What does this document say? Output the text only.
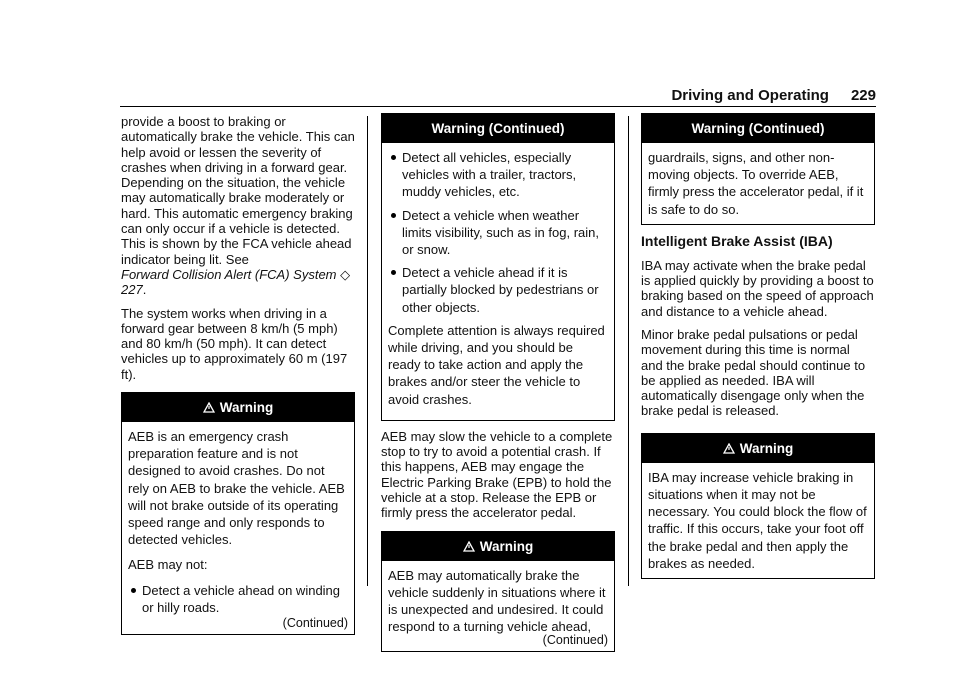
Driving and Operating 229

provide a boost to braking or automatically brake the vehicle. This can help avoid or lessen the severity of crashes when driving in a forward gear. Depending on the situation, the vehicle may automatically brake moderately or hard. This automatic emergency braking can only occur if a vehicle is detected. This is shown by the FCA vehicle ahead indicator being lit. See
Forward Collision Alert (FCA) System ◇ 227.

The system works when driving in a forward gear between 8 km/h (5 mph) and 80 km/h (50 mph). It can detect vehicles up to approximately 60 m (197 ft).

Warning

AEB is an emergency crash preparation feature and is not designed to avoid crashes. Do not rely on AEB to brake the vehicle. AEB will not brake outside of its operating speed range and only responds to detected vehicles.

AEB may not:

Detect a vehicle ahead on winding or hilly roads.
(Continued)
Warning (Continued)
Detect all vehicles, especially vehicles with a trailer, tractors, muddy vehicles, etc.
Detect a vehicle when weather limits visibility, such as in fog, rain, or snow.
Detect a vehicle ahead if it is partially blocked by pedestrians or other objects.

Complete attention is always required while driving, and you should be ready to take action and apply the brakes and/or steer the vehicle to avoid crashes.

AEB may slow the vehicle to a complete stop to try to avoid a potential crash. If this happens, AEB may engage the Electric Parking Brake (EPB) to hold the vehicle at a stop. Release the EPB or firmly press the accelerator pedal.

Warning

AEB may automatically brake the vehicle suddenly in situations where it is unexpected and undesired. It could respond to a turning vehicle ahead,

(Continued)
Warning (Continued)

guardrails, signs, and other non-moving objects. To override AEB, firmly press the accelerator pedal, if it is safe to do so.

Intelligent Brake Assist (IBA)

IBA may activate when the brake pedal is applied quickly by providing a boost to braking based on the speed of approach and distance to a vehicle ahead.

Minor brake pedal pulsations or pedal movement during this time is normal and the brake pedal should continue to be applied as needed. IBA will automatically disengage only when the brake pedal is released.

Warning

IBA may increase vehicle braking in situations when it may not be necessary. You could block the flow of traffic. If this occurs, take your foot off the brake pedal and then apply the brakes as needed.
